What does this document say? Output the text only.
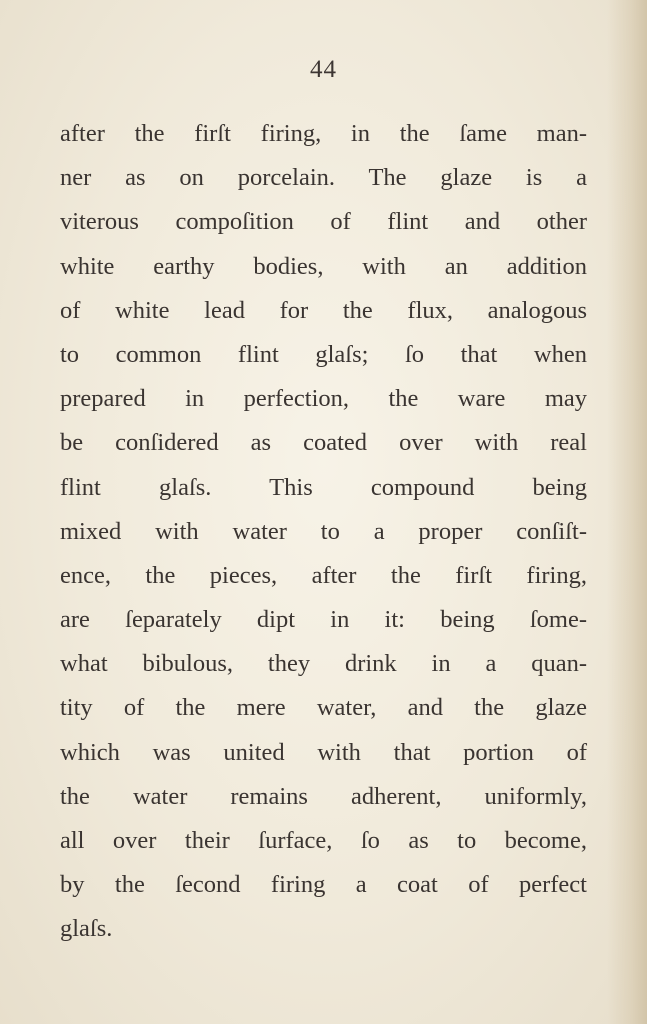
44
after the firſt firing, in the ſame man-
ner as on porcelain. The glaze is a
viterous compoſition of flint and other
white earthy bodies, with an addition
of white lead for the flux, analogous
to common flint glaſs; ſo that when
prepared in perfection, the ware may
be conſidered as coated over with real
flint glaſs. This compound being
mixed with water to a proper conſiſt-
ence, the pieces, after the firſt firing,
are ſeparately dipt in it: being ſome-
what bibulous, they drink in a quan-
tity of the mere water, and the glaze
which was united with that portion of
the water remains adherent, uniformly,
all over their ſurface, ſo as to become,
by the ſecond firing a coat of perfect
glaſs.
